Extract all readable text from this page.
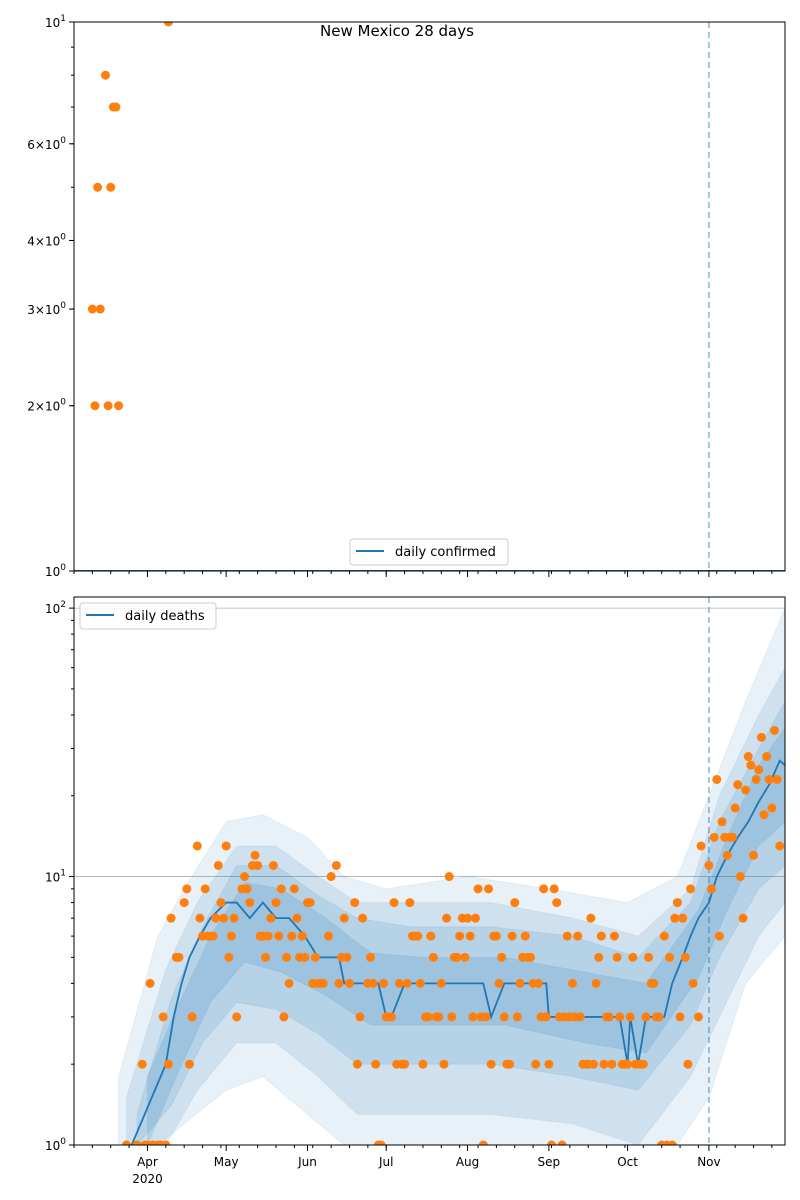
$10^1$
$6\times 10^0$
$4\times 10^0$
$3\times 10^0$
$2\times 10^0$
$10^0$
New Mexico 28 days
daily confirmed
$10^2$
$10^1$
$10^0$
Apr
2020
May	Jun	Jul	Aug	Sep	Oct	Nov
daily deaths
